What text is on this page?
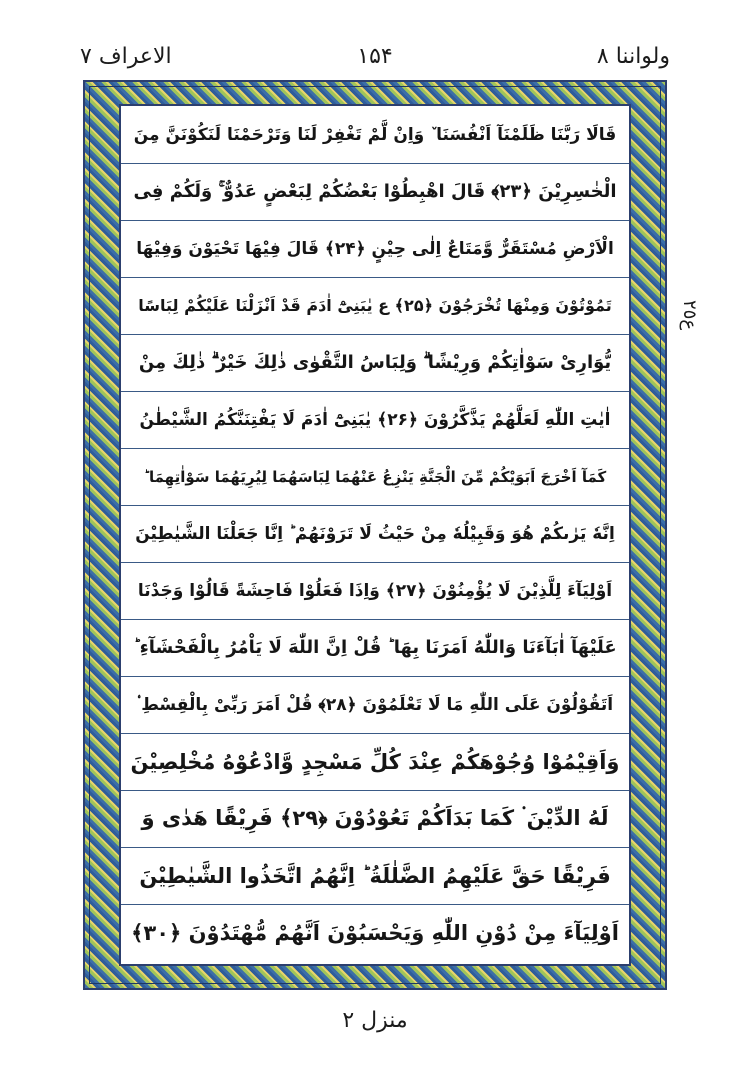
الاعراف ۷	۱۵۴	ولواننا ۸
قَالَا رَبَّنَا ظَلَمْنَآ اَنْفُسَنَا ٚ وَاِنْ لَّمْ تَغْفِرْ لَنَا وَتَرْحَمْنَا لَنَكُوْنَنَّ مِنَ
الْخٰسِرِيْنَ ﴿۲۳﴾ قَالَ اهْبِطُوْا بَعْضُكُمْ لِبَعْضٍ عَدُوٌّ ۚ وَلَكُمْ فِى
الْاَرْضِ مُسْتَقَرٌّ وَّمَتَاعٌ اِلٰى حِيْنٍ ﴿۲۴﴾ قَالَ فِيْهَا تَحْيَوْنَ وَفِيْهَا
تَمُوْتُوْنَ وَمِنْهَا تُخْرَجُوْنَ ﴿۲۵﴾ ع يٰبَنِىْٓ اٰدَمَ قَدْ اَنْزَلْنَا عَلَيْكُمْ لِبَاسًا
يُّوَارِىْ سَوْاٰتِكُمْ وَرِيْشًا ۗ وَلِبَاسُ التَّقْوٰى ذٰلِكَ خَيْرٌ ۗ ذٰلِكَ مِنْ
اٰيٰتِ اللّٰهِ لَعَلَّهُمْ يَذَّكَّرُوْنَ ﴿۲۶﴾ يٰبَنِىْٓ اٰدَمَ لَا يَفْتِنَنَّكُمُ الشَّيْطٰنُ
كَمَآ اَخْرَجَ اَبَوَيْكُمْ مِّنَ الْجَنَّةِ يَنْزِعُ عَنْهُمَا لِبَاسَهُمَا لِيُرِيَهُمَا سَوْاٰتِهِمَا ؕ
اِنَّهٗ يَرٰىكُمْ هُوَ وَقَبِيْلُهٗ مِنْ حَيْثُ لَا تَرَوْنَهُمْ ؕ اِنَّا جَعَلْنَا الشَّيٰطِيْنَ
اَوْلِيَآءَ لِلَّذِيْنَ لَا يُؤْمِنُوْنَ ﴿۲۷﴾ وَاِذَا فَعَلُوْا فَاحِشَةً قَالُوْا وَجَدْنَا
عَلَيْهَآ اٰبَآءَنَا وَاللّٰهُ اَمَرَنَا بِهَا ؕ قُلْ اِنَّ اللّٰهَ لَا يَاْمُرُ بِالْفَحْشَآءِ ؕ
اَتَقُوْلُوْنَ عَلَى اللّٰهِ مَا لَا تَعْلَمُوْنَ ﴿۲۸﴾ قُلْ اَمَرَ رَبِّىْ بِالْقِسْطِ ۟
وَاَقِيْمُوْا وُجُوْهَكُمْ عِنْدَ كُلِّ مَسْجِدٍ وَّادْعُوْهُ مُخْلِصِيْنَ
لَهُ الدِّيْنَ ۬ كَمَا بَدَاَكُمْ تَعُوْدُوْنَ ﴿۲۹﴾ فَرِيْقًا هَدٰى وَ
فَرِيْقًا حَقَّ عَلَيْهِمُ الضَّلٰلَةُ ؕ اِنَّهُمُ اتَّخَذُوا الشَّيٰطِيْنَ
اَوْلِيَآءَ مِنْ دُوْنِ اللّٰهِ وَيَحْسَبُوْنَ اَنَّهُمْ مُّهْتَدُوْنَ ﴿۳۰﴾
ع٢٥
منزل ۲
